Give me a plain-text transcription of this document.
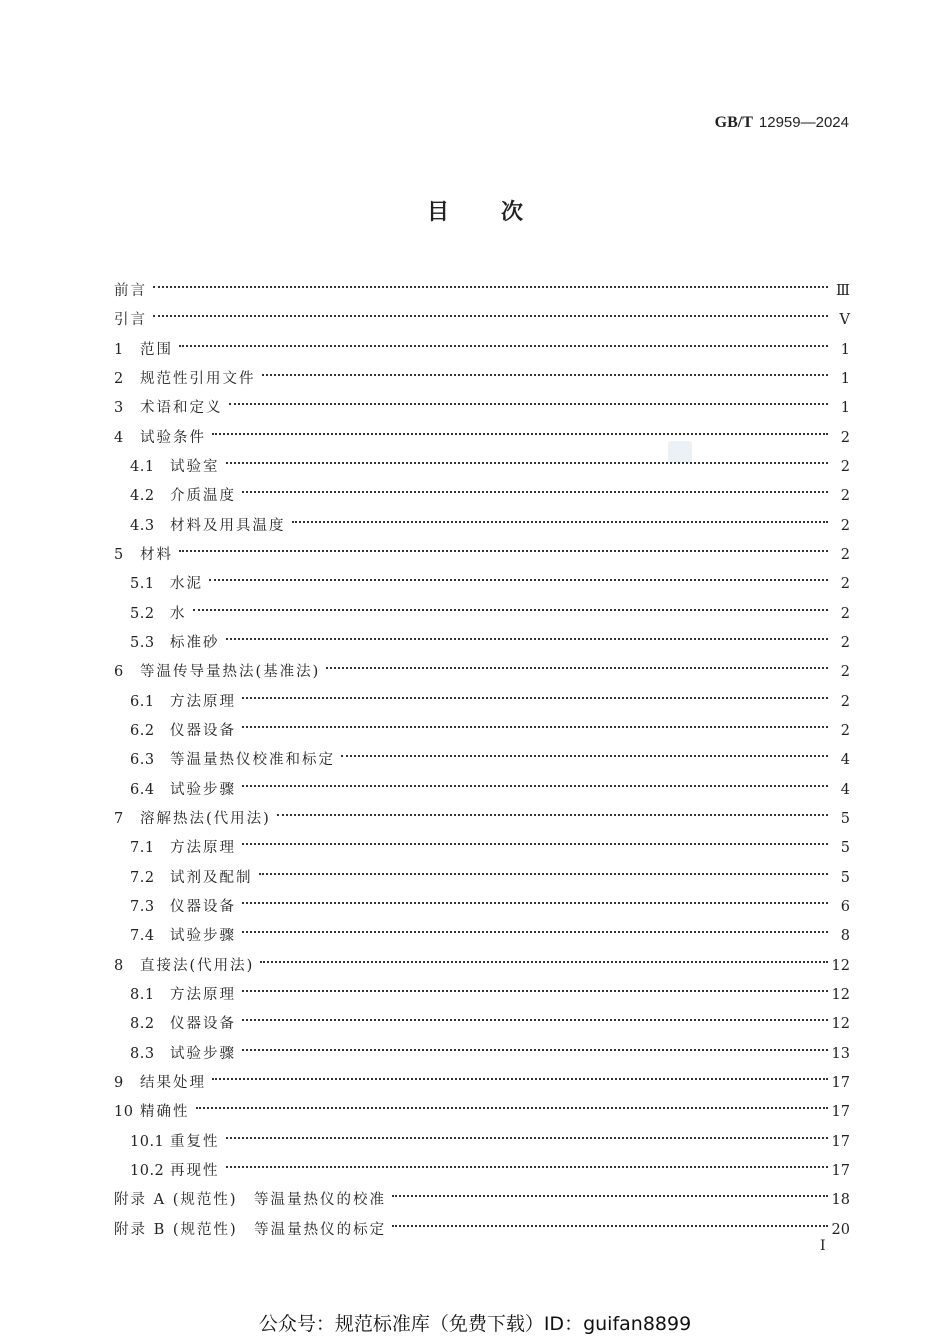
GB/T 12959—2024
目次
前言	Ⅲ
引言	V
1	范围	1
2	规范性引用文件	1
3	术语和定义	1
4	试验条件	2
4.1	试验室	2
4.2	介质温度	2
4.3	材料及用具温度	2
5	材料	2
5.1	水泥	2
5.2	水	2
5.3	标准砂	2
6	等温传导量热法(基准法)	2
6.1	方法原理	2
6.2	仪器设备	2
6.3	等温量热仪校准和标定	4
6.4	试验步骤	4
7	溶解热法(代用法)	5
7.1	方法原理	5
7.2	试剂及配制	5
7.3	仪器设备	6
7.4	试验步骤	8
8	直接法(代用法)	12
8.1	方法原理	12
8.2	仪器设备	12
8.3	试验步骤	13
9	结果处理	17
10 精确性	17
10.1 重复性	17
10.2 再现性	17
附录 A (规范性)　等温量热仪的校准	18
附录 B (规范性)　等温量热仪的标定	20
I
公众号：规范标准库（免费下载）ID：guifan8899
